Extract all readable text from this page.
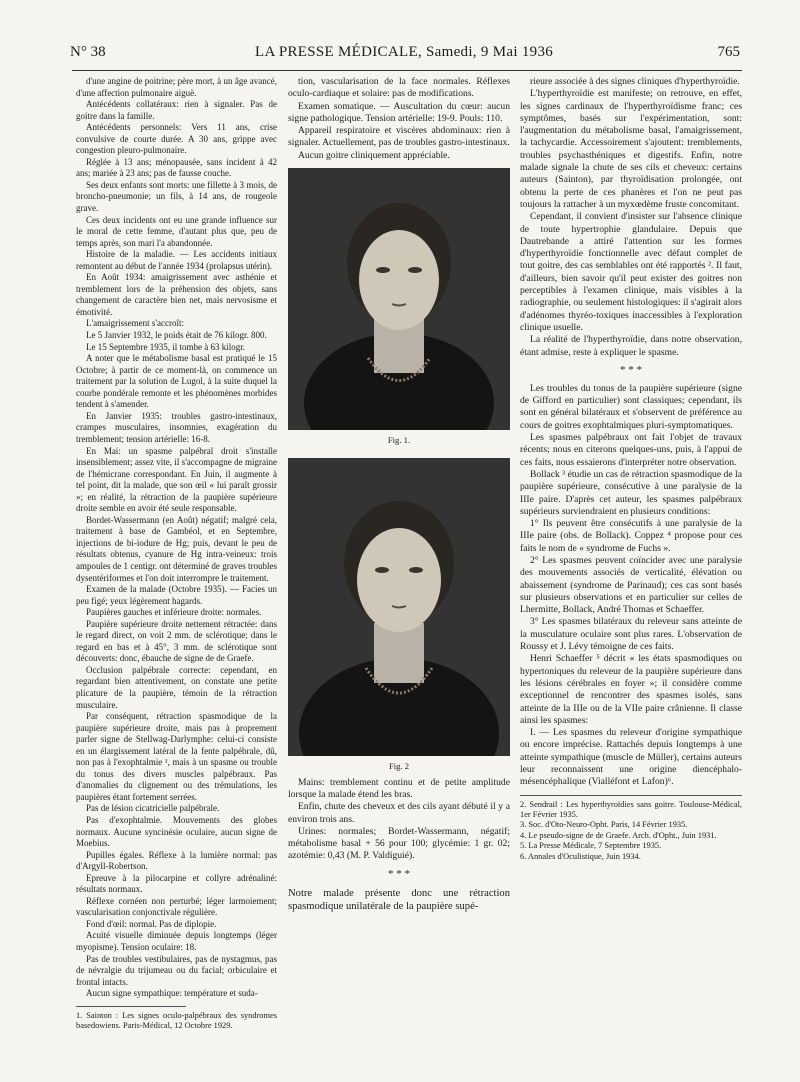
N° 38	LA PRESSE MÉDICALE, Samedi, 9 Mai 1936	765

d'une angine de poitrine; père mort, à un âge avancé, d'une affection pulmonaire aiguë.

Antécédents collatéraux: rien à signaler. Pas de goitre dans la famille.

Antécédents personnels: Vers 11 ans, crise convulsive de courte durée. A 30 ans, grippe avec congestion pleuro-pulmonaire.

Réglée à 13 ans; ménopausée, sans incident à 42 ans; mariée à 23 ans; pas de fausse couche.

Ses deux enfants sont morts: une fillette à 3 mois, de broncho-pneumonie; un fils, à 14 ans, de rougeole grave.

Ces deux incidents ont eu une grande influence sur le moral de cette femme, d'autant plus que, peu de temps après, son mari l'a abandonnée.

Histoire de la maladie. — Les accidents initiaux remontent au début de l'année 1934 (prolapsus utérin).

En Août 1934: amaigrissement avec asthénie et tremblement lors de la préhension des objets, sans changement de caractère bien net, mais nervosisme et émotivité.

L'amaigrissement s'accroît:

Le 5 Janvier 1932, le poids était de 76 kilogr. 800.

Le 15 Septembre 1935, il tombe à 63 kilogr.

A noter que le métabolisme basal est pratiqué le 15 Octobre; à partir de ce moment-là, on commence un traitement par la solution de Lugol, à la suite duquel la courbe pondérale remonte et les phénomènes morbides tendent à s'amender.

En Janvier 1935: troubles gastro-intestinaux, crampes musculaires, insomnies, exagération du tremblement; tension artérielle: 16-8.

En Mai: un spasme palpébral droit s'installe insensiblement; assez vite, il s'accompagne de migraine de l'hémicrane correspondant. En Juin, il augmente à tel point, dit la malade, que son œil « lui paraît grossir »; en réalité, la rétraction de la paupière supérieure droite semble en avoir été seule responsable.

Bordet-Wassermann (en Août) négatif; malgré cela, traitement à base de Gambéol, et en Septembre, injections de bi-iodure de Hg; puis, devant le peu de résultats obtenus, cyanure de Hg intra-veineux: trois ampoules de 1 centigr. ont déterminé de graves troubles dysentériformes et l'on doit interrompre le traitement.

Examen de la malade (Octobre 1935). — Facies un peu figé; yeux légèrement hagards.

Paupières gauches et inférieure droite: normales.

Paupière supérieure droite nettement rétractée: dans le regard direct, on voit 2 mm. de sclérotique; dans le regard en bas et à 45°, 3 mm. de sclérotique sont découverts: donc, ébauche de signe de de Graefe.

Occlusion palpébrale correcte: cependant, en regardant bien attentivement, on constate une petite plicature de la paupière, témoin de la rétraction musculaire.

Par conséquent, rétraction spasmodique de la paupière supérieure droite, mais pas à proprement parler signe de Stellwag-Darlymphe: celui-ci consiste en un élargissement latéral de la fente palpébrale, dû, non pas à l'exophtalmie ¹, mais à un spasme ou trouble du tonus des divers muscles palpébraux. Pas d'anomalies du clignement ou des trémulations, les paupières étant fortement serrées.

Pas de lésion cicatricielle palpébrale.

Pas d'exophtalmie. Mouvements des globes normaux. Aucune syncinésie oculaire, aucun signe de Moebius.

Pupilles égales. Réflexe à la lumière normal: pas d'Argyll-Robertson.

Epreuve à la pilocarpine et collyre adrénaliné: résultats normaux.

Réflexe cornéen non perturbé; léger larmoiement; vascularisation conjonctivale régulière.

Fond d'œil: normal. Pas de diplopie.

Acuité visuelle diminuée depuis longtemps (léger myopisme). Tension oculaire: 18.

Pas de troubles vestibulaires, pas de nystagmus, pas de névralgie du trijumeau ou du facial; orbiculaire et frontal intacts.

Aucun signe sympathique: température et suda-

1. Sainton : Les signes oculo-palpébraux des syndromes basedowiens. Paris-Médical, 12 Octobre 1929.

tion, vascularisation de la face normales. Réflexes oculo-cardiaque et solaire: pas de modifications.

Examen somatique. — Auscultation du cœur: aucun signe pathologique. Tension artérielle: 19-9. Pouls: 110.

Appareil respiratoire et viscères abdominaux: rien à signaler. Actuellement, pas de troubles gastro-intestinaux.

Aucun goitre cliniquement appréciable.

Fig. 1.
Fig. 2

Mains: tremblement continu et de petite amplitude lorsque la malade étend les bras.

Enfin, chute des cheveux et des cils ayant débuté il y a environ trois ans.

Urines: normales; Bordet-Wassermann, négatif; métabolisme basal + 56 pour 100; glycémie: 1 gr. 02; azotémie: 0,43 (M. P. Valdiguié).

* * *

Notre malade présente donc une rétraction spasmodique unilatérale de la paupière supé-

rieure associée à des signes cliniques d'hyperthyroïdie.

L'hyperthyroïdie est manifeste; on retrouve, en effet, les signes cardinaux de l'hyperthyroïdisme franc; ces symptômes, basés sur l'expérimentation, sont: l'augmentation du métabolisme basal, l'amaigrissement, la tachycardie. Accessoirement s'ajoutent: tremblements, troubles psychasthéniques et digestifs. Enfin, notre malade signale la chute de ses cils et cheveux: certains auteurs (Sainton), par thyroïdisation prolongée, ont obtenu la perte de ces phanères et l'on ne peut pas toujours la rattacher à un myxœdème fruste concomitant.

Cependant, il convient d'insister sur l'absence clinique de toute hypertrophie glandulaire. Depuis que Dautrebande a attiré l'attention sur les formes d'hyperthyroïdie fonctionnelle avec défaut complet de tout goitre, des cas semblables ont été rapportés ². Il faut, d'ailleurs, bien savoir qu'il peut exister des goitres non perceptibles à l'examen clinique, mais visibles à la radiographie, ou seulement histologiques: il s'agirait alors d'adénomes thyréo-toxiques inaccessibles à l'exploration clinique usuelle.

La réalité de l'hyperthyroïdie, dans notre observation, étant admise, reste à expliquer le spasme.

* * *

Les troubles du tonus de la paupière supérieure (signe de Gifford en particulier) sont classiques; cependant, ils sont en général bilatéraux et s'observent de préférence au cours de goitres exophtalmiques pluri-symptomatiques.

Les spasmes palpébraux ont fait l'objet de travaux récents; nous en citerons quelques-uns, puis, à l'appui de ces faits, nous essaierons d'interpréter notre observation.

Bollack ³ étudie un cas de rétraction spasmodique de la paupière supérieure, consécutive à une paralysie de la IIIe paire. D'après cet auteur, les spasmes palpébraux supérieurs surviendraient en plusieurs conditions:

1° Ils peuvent être consécutifs à une paralysie de la IIIe paire (obs. de Bollack). Coppez ⁴ propose pour ces faits le nom de « syndrome de Fuchs ».

2° Les spasmes peuvent coïncider avec une paralysie des mouvements associés de verticalité, élévation ou abaissement (syndrome de Parinaud); ces cas sont basés sur plusieurs observations et en particulier sur celles de Lhermitte, Bollack, André Thomas et Schaeffer.

3° Les spasmes bilatéraux du releveur sans atteinte de la musculature oculaire sont plus rares. L'observation de Roussy et J. Lévy témoigne de ces faits.

Henri Schaeffer ⁵ décrit « les états spasmodiques ou hypertoniques du releveur de la paupière supérieure dans les lésions cérébrales en foyer »; il considère comme exceptionnel de rencontrer des spasmes isolés, sans atteinte de la IIIe ou de la VIIe paire crânienne. Il classe ainsi les spasmes:

I. — Les spasmes du releveur d'origine sympathique ou encore imprécise. Rattachés depuis longtemps à une atteinte sympathique (muscle de Müller), certains auteurs leur reconnaissent une origine diencéphalo-mésencéphalique (Vialléfont et Lafon)⁶.

2. Sendrail : Les hyperthyroïdies sans goitre. Toulouse-Médical, 1er Février 1935.
3. Soc. d'Oto-Neuro-Opht. Paris, 14 Février 1935.
4. Le pseudo-signe de de Graefe. Arch. d'Opht., Juin 1931.
5. La Presse Médicale, 7 Septembre 1935.
6. Annales d'Oculistique, Juin 1934.
